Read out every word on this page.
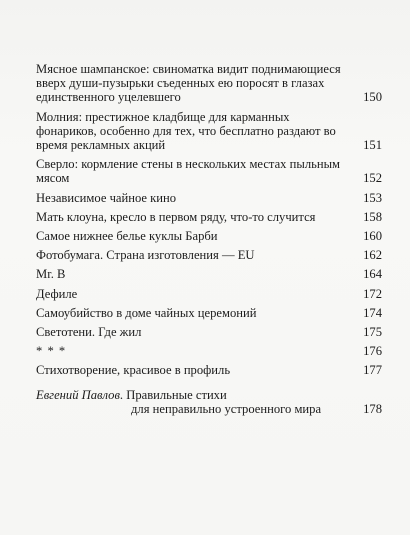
Мясное шампанское: свиноматка видит поднимающиеся вверх души-пузырьки съеденных ею поросят в глазах единственного уцелевшего	150
Молния: престижное кладбище для карманных фонариков, особенно для тех, что бесплатно раздают во время рекламных акций	151
Сверло: кормление стены в нескольких местах пыльным мясом	152
Независимое чайное кино	153
Мать клоуна, кресло в первом ряду, что-то случится	158
Самое нижнее белье куклы Барби	160
Фотобумага. Страна изготовления — EU	162
Mr. B	164
Дефиле	172
Самоубийство в доме чайных церемоний	174
Светотени. Где жил	175
* * *	176
Стихотворение, красивое в профиль	177
Евгений Павлов. Правильные стихи
для неправильно устроенного мира	178
